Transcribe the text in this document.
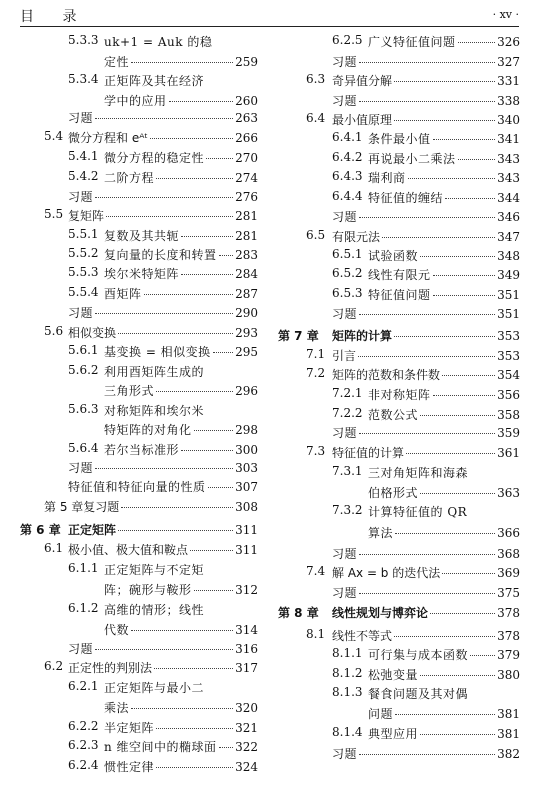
目 录	· xv ·
5.3.3 uk+1 = Auk 的稳
定性	259
5.3.4 正矩阵及其在经济
学中的应用	260
习题	263
5.4 微分方程和 eᴬᵗ	266
5.4.1 微分方程的稳定性	270
5.4.2 二阶方程	274
习题	276
5.5 复矩阵	281
5.5.1 复数及其共轭	281
5.5.2 复向量的长度和转置 283
5.5.3 埃尔米特矩阵	284
5.5.4 酉矩阵	287
习题	290
5.6 相似变换	293
5.6.1 基变换 = 相似变换 295
5.6.2 利用酉矩阵生成的
三角形式	296
5.6.3 对称矩阵和埃尔米
特矩阵的对角化	298
5.6.4 若尔当标准形	300
习题	303
特征值和特征向量的性质 307
第 5 章复习题	308
第 6 章 正定矩阵	311
6.1 极小值、极大值和鞍点	311
6.1.1 正定矩阵与不定矩
阵；碗形与鞍形	312
6.1.2 高维的情形；线性
代数	314
习题	316
6.2 正定性的判别法	317
6.2.1 正定矩阵与最小二
乘法	320
6.2.2 半定矩阵	321
6.2.3 n 维空间中的椭球面 322
6.2.4 惯性定律	324
6.2.5 广义特征值问题	326
习题	327
6.3 奇异值分解	331
习题	338
6.4 最小值原理	340
6.4.1 条件最小值	341
6.4.2 再说最小二乘法	343
6.4.3 瑞利商	343
6.4.4 特征值的缠结	344
习题	346
6.5 有限元法	347
6.5.1 试验函数	348
6.5.2 线性有限元	349
6.5.3 特征值问题	351
习题	351
第 7 章 矩阵的计算	353
7.1 引言	353
7.2 矩阵的范数和条件数	354
7.2.1 非对称矩阵	356
7.2.2 范数公式	358
习题	359
7.3 特征值的计算	361
7.3.1 三对角矩阵和海森
伯格形式	363
7.3.2 计算特征值的 QR
算法	366
习题	368
7.4 解 Ax = b 的迭代法	369
习题	375
第 8 章 线性规划与博弈论	378
8.1 线性不等式	378
8.1.1 可行集与成本函数 379
8.1.2 松弛变量	380
8.1.3 餐食问题及其对偶
问题	381
8.1.4 典型应用	381
习题	382
